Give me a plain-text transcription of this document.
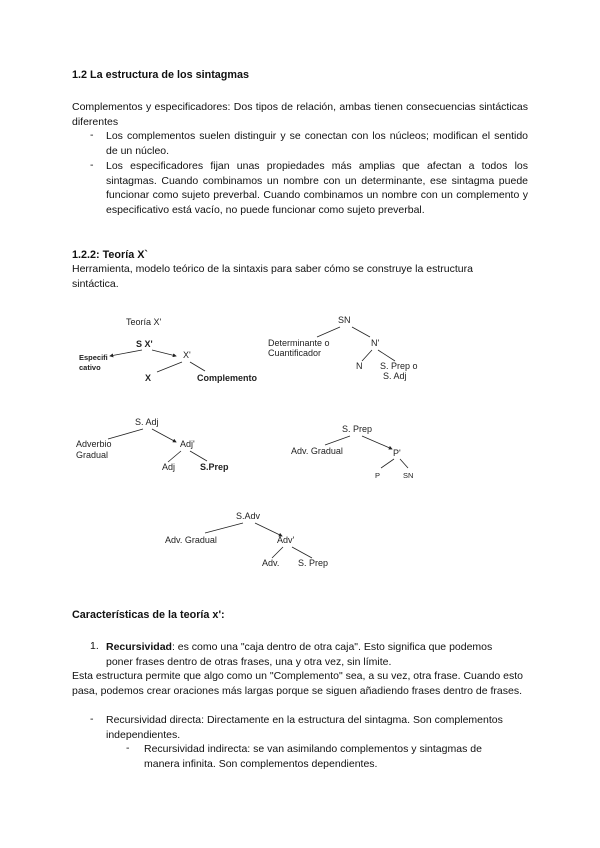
1.2 La estructura de los sintagmas

Complementos y especificadores: Dos tipos de relación, ambas tienen consecuencias sintácticas diferentes

-	Los complementos suelen distinguir y se conectan con los núcleos; modifican el sentido de un núcleo.

-	Los especificadores fijan unas propiedades más amplias que afectan a todos los sintagmas. Cuando combinamos un nombre con un determinante, ese sintagma puede funcionar como sujeto preverbal. Cuando combinamos un nombre con un complemento y especificativo está vacío, no puede funcionar como sujeto preverbal.

1.2.2: Teoría X`

Herramienta, modelo teórico de la sintaxis para saber cómo se construye la estructura sintáctica.

Teoría X'
S X'
Especifi
cativo
X'
X	Complemento
SN
Determinante o
Cuantificador
N'
N S. Prep o
S. Adj
S. Adj
Adverbio
Gradual
Adj'
Adj	S.Prep
S. Prep
Adv. Gradual	P'
P	SN
S.Adv
Adv. Gradual	Adv'
Adv. S. Prep
Características de la teoría x':
1. Recursividad: es como una "caja dentro de otra caja". Esto significa que podemos poner frases dentro de otras frases, una y otra vez, sin límite.

Esta estructura permite que algo como un "Complemento" sea, a su vez, otra frase. Cuando esto pasa, podemos crear oraciones más largas porque se siguen añadiendo frases dentro de frases.

-	Recursividad directa: Directamente en la estructura del sintagma. Son complementos independientes.

-	Recursividad indirecta: se van asimilando complementos y sintagmas de manera infinita. Son complementos dependientes.
